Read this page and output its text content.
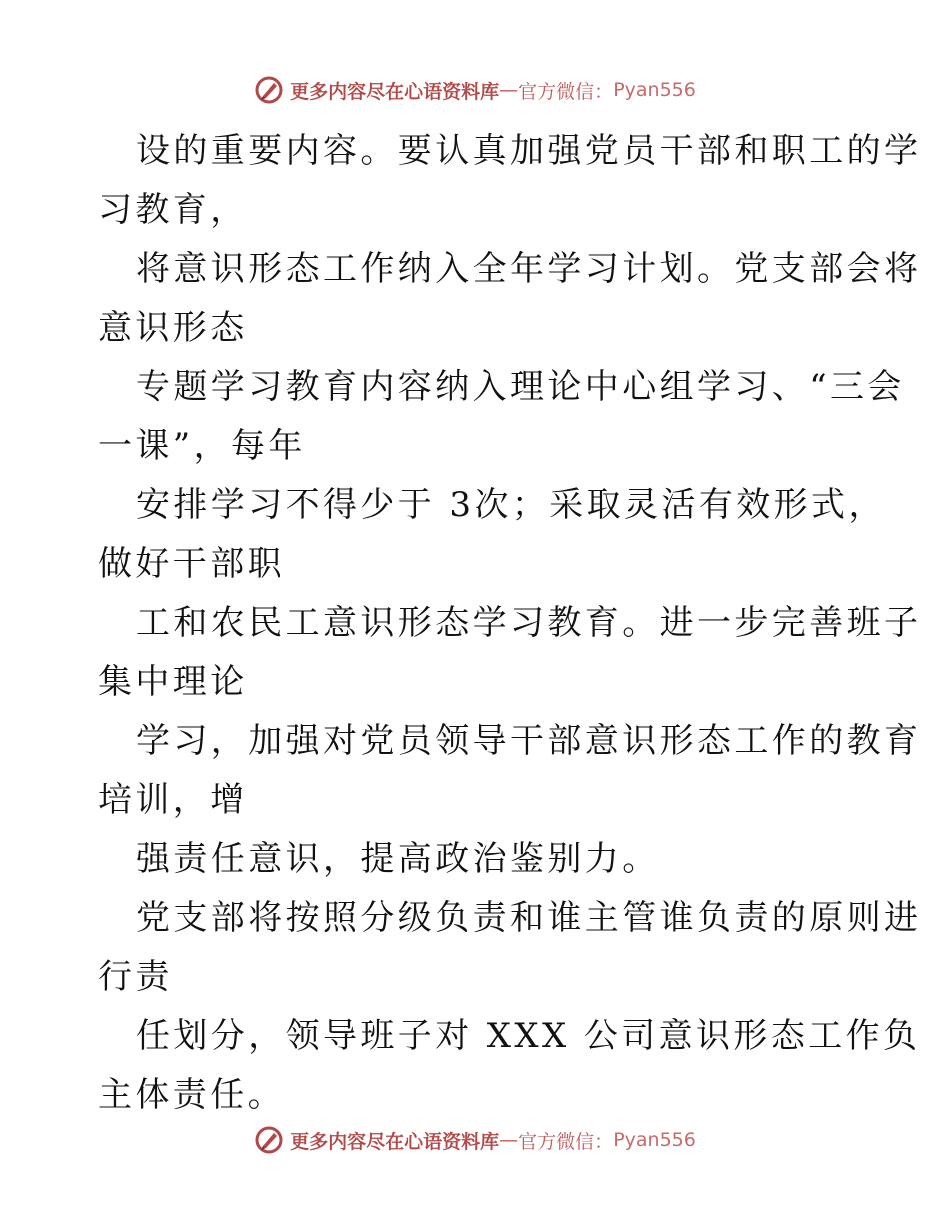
更多内容尽在心语资料库 — 官方微信： Pyan556
设的重要内容。要认真加强党员干部和职工的学
习教育，
将意识形态工作纳入全年学习计划。党支部会将
意识形态
专题学习教育内容纳入理论中心组学习、“三会
一课”，每年
安排学习不得少于 3次；采取灵活有效形式，
做好干部职
工和农民工意识形态学习教育。进一步完善班子
集中理论
学习，加强对党员领导干部意识形态工作的教育
培训，增
强责任意识，提高政治鉴别力。
党支部将按照分级负责和谁主管谁负责的原则进
行责
任划分，领导班子对 XXX 公司意识形态工作负
主体责任。
更多内容尽在心语资料库 — 官方微信： Pyan556
